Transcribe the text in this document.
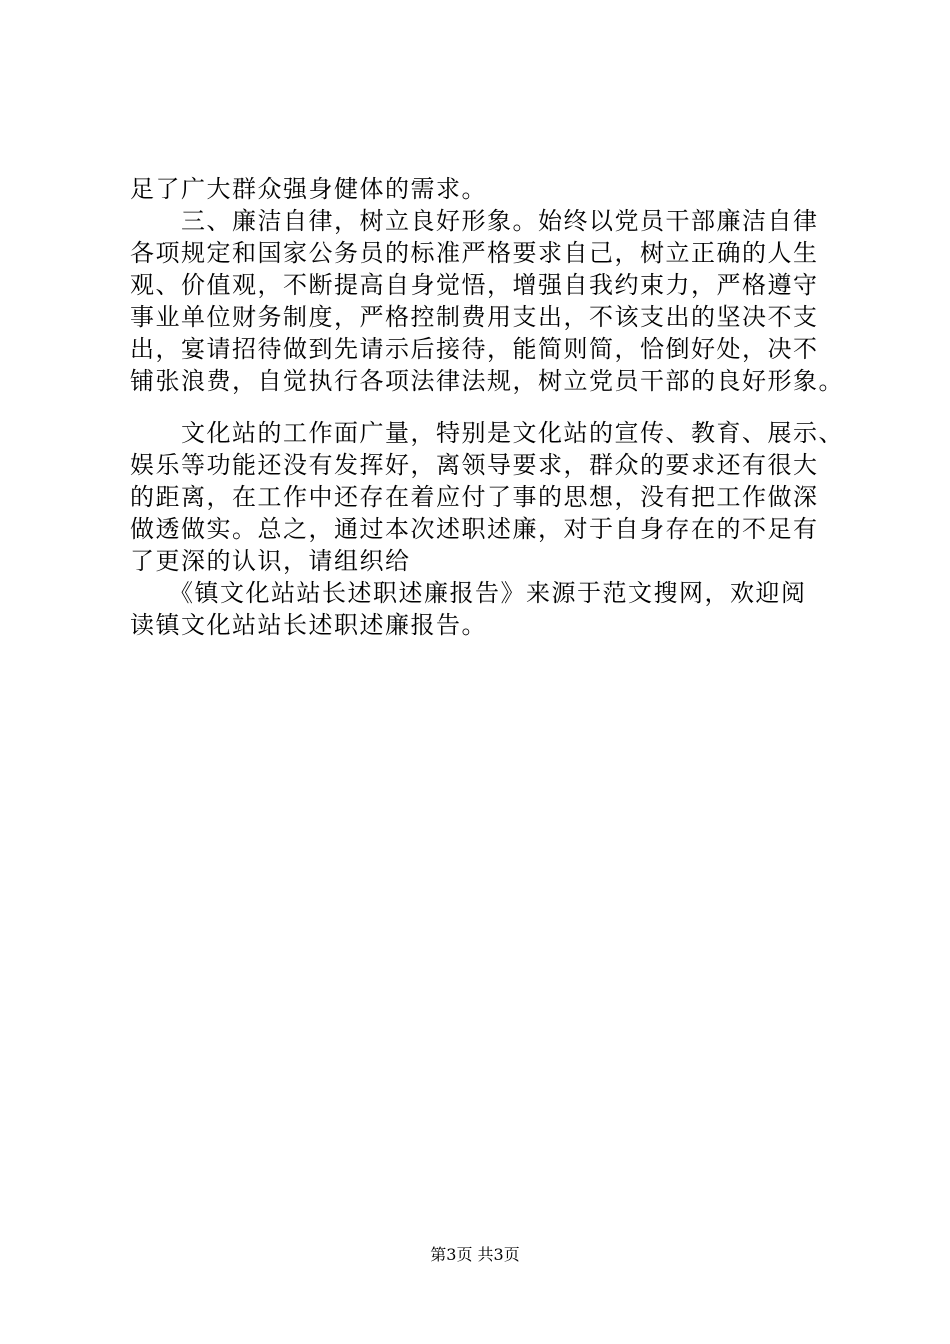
足了广大群众强身健体的需求。
　　三、廉洁自律，树立良好形象。始终以党员干部廉洁自律
各项规定和国家公务员的标准严格要求自己，树立正确的人生
观、价值观，不断提高自身觉悟，增强自我约束力，严格遵守
事业单位财务制度，严格控制费用支出，不该支出的坚决不支
出，宴请招待做到先请示后接待，能简则简，恰倒好处，决不
铺张浪费，自觉执行各项法律法规，树立党员干部的良好形象。
　　文化站的工作面广量，特别是文化站的宣传、教育、展示、
娱乐等功能还没有发挥好，离领导要求，群众的要求还有很大
的距离，在工作中还存在着应付了事的思想，没有把工作做深
做透做实。总之，通过本次述职述廉，对于自身存在的不足有
了更深的认识，请组织给
　　《镇文化站站长述职述廉报告》来源于范文搜网，欢迎阅
读镇文化站站长述职述廉报告。
第3页 共3页
